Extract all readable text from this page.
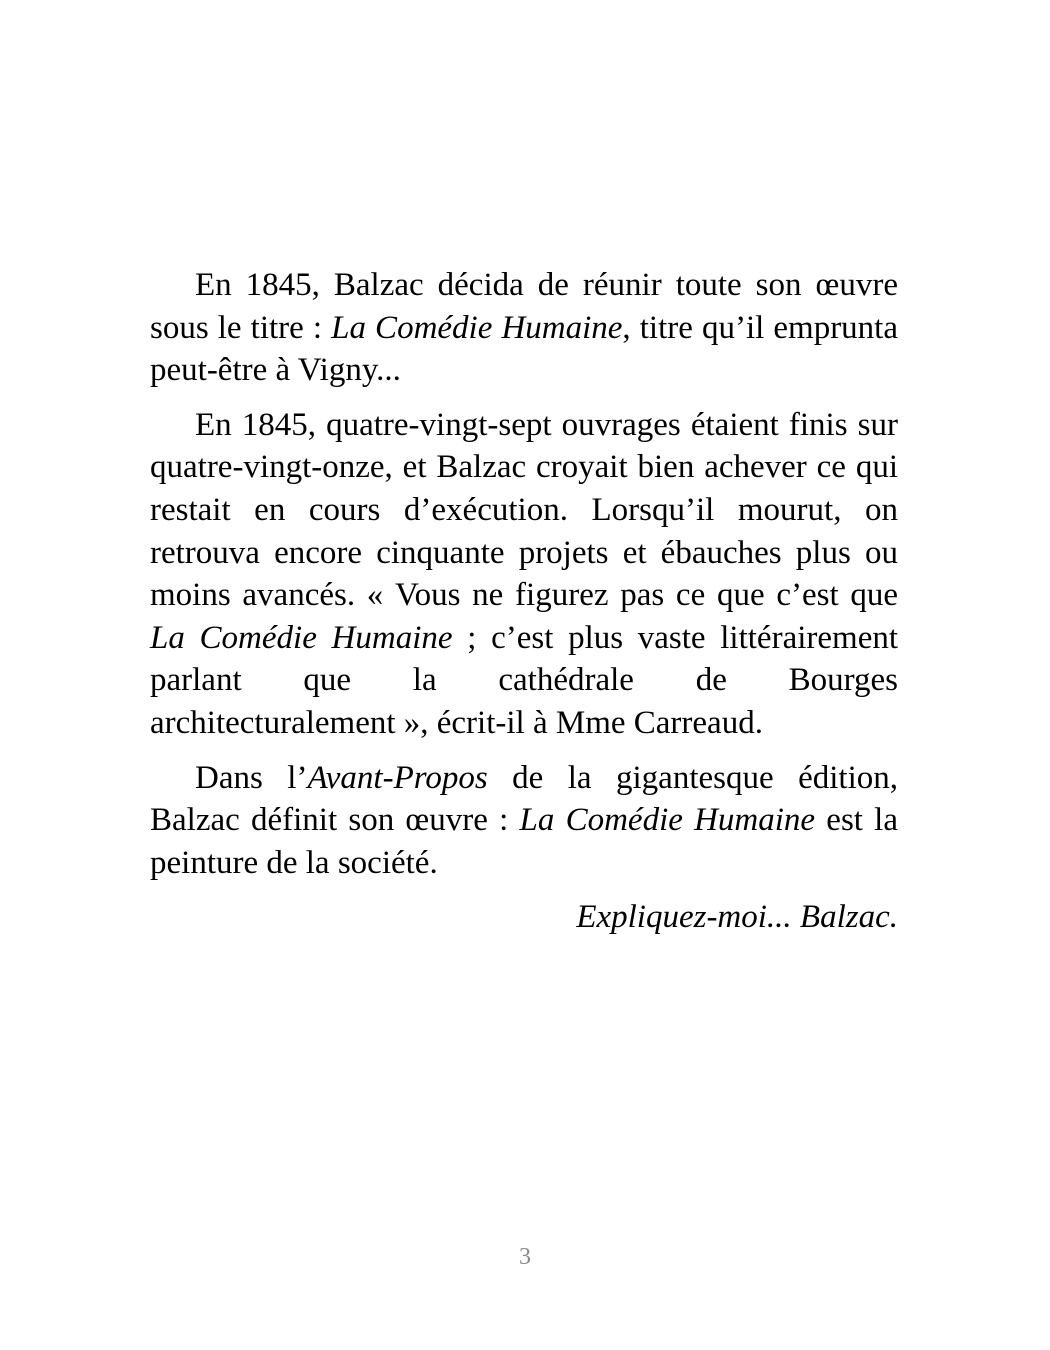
En 1845, Balzac décida de réunir toute son œuvre sous le titre : La Comédie Humaine, titre qu’il emprunta peut-être à Vigny...

En 1845, quatre-vingt-sept ouvrages étaient finis sur quatre-vingt-onze, et Balzac croyait bien achever ce qui restait en cours d’exécution. Lorsqu’il mourut, on retrouva encore cinquante projets et ébauches plus ou moins avancés. « Vous ne figurez pas ce que c’est que La Comédie Humaine ; c’est plus vaste littérairement parlant que la cathédrale de Bourges architecturalement », écrit-il à Mme Carreaud.

Dans l’Avant-Propos de la gigantesque édition, Balzac définit son œuvre : La Comédie Humaine est la peinture de la société.

Expliquez-moi... Balzac.

3
